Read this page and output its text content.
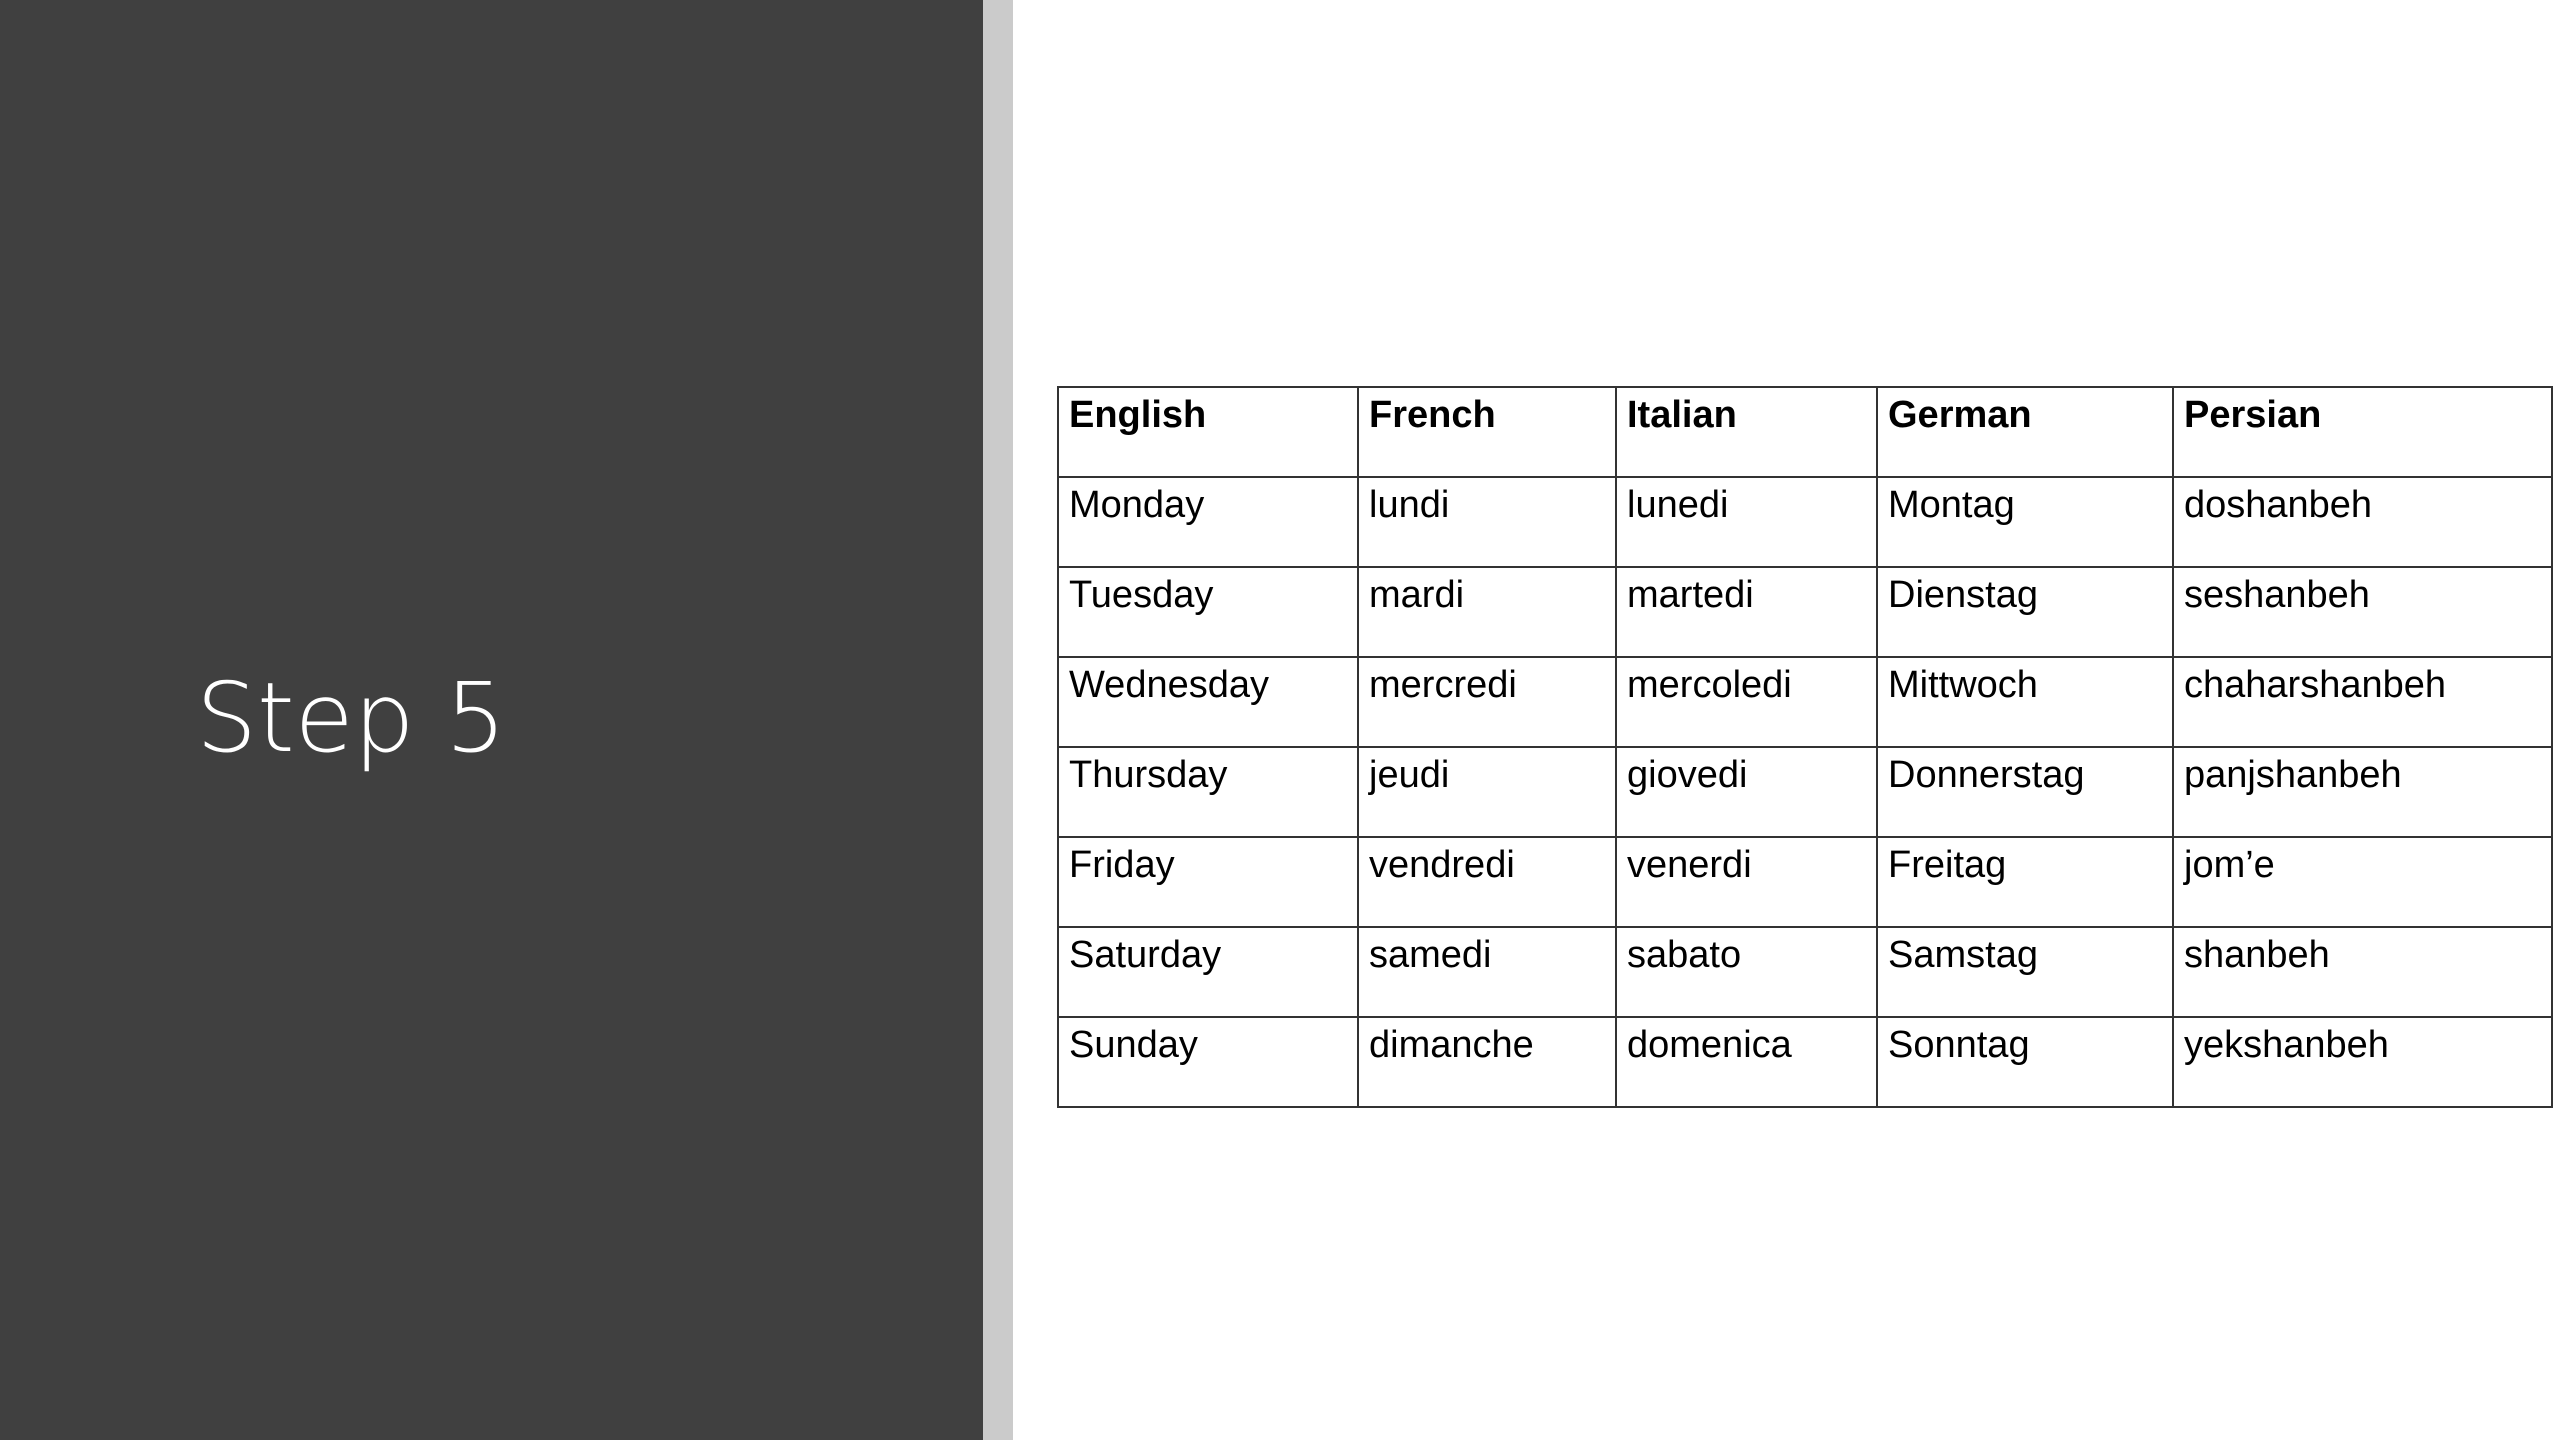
Step 5
English	French	Italian	German	Persian
Monday	lundi	lunedi	Montag	doshanbeh
Tuesday	mardi	martedi	Dienstag	seshanbeh
Wednesday	mercredi	mercoledi	Mittwoch	chaharshanbeh
Thursday	jeudi	giovedi	Donnerstag	panjshanbeh
Friday	vendredi	venerdi	Freitag	jom’e
Saturday	samedi	sabato	Samstag	shanbeh
Sunday	dimanche	domenica	Sonntag	yekshanbeh
